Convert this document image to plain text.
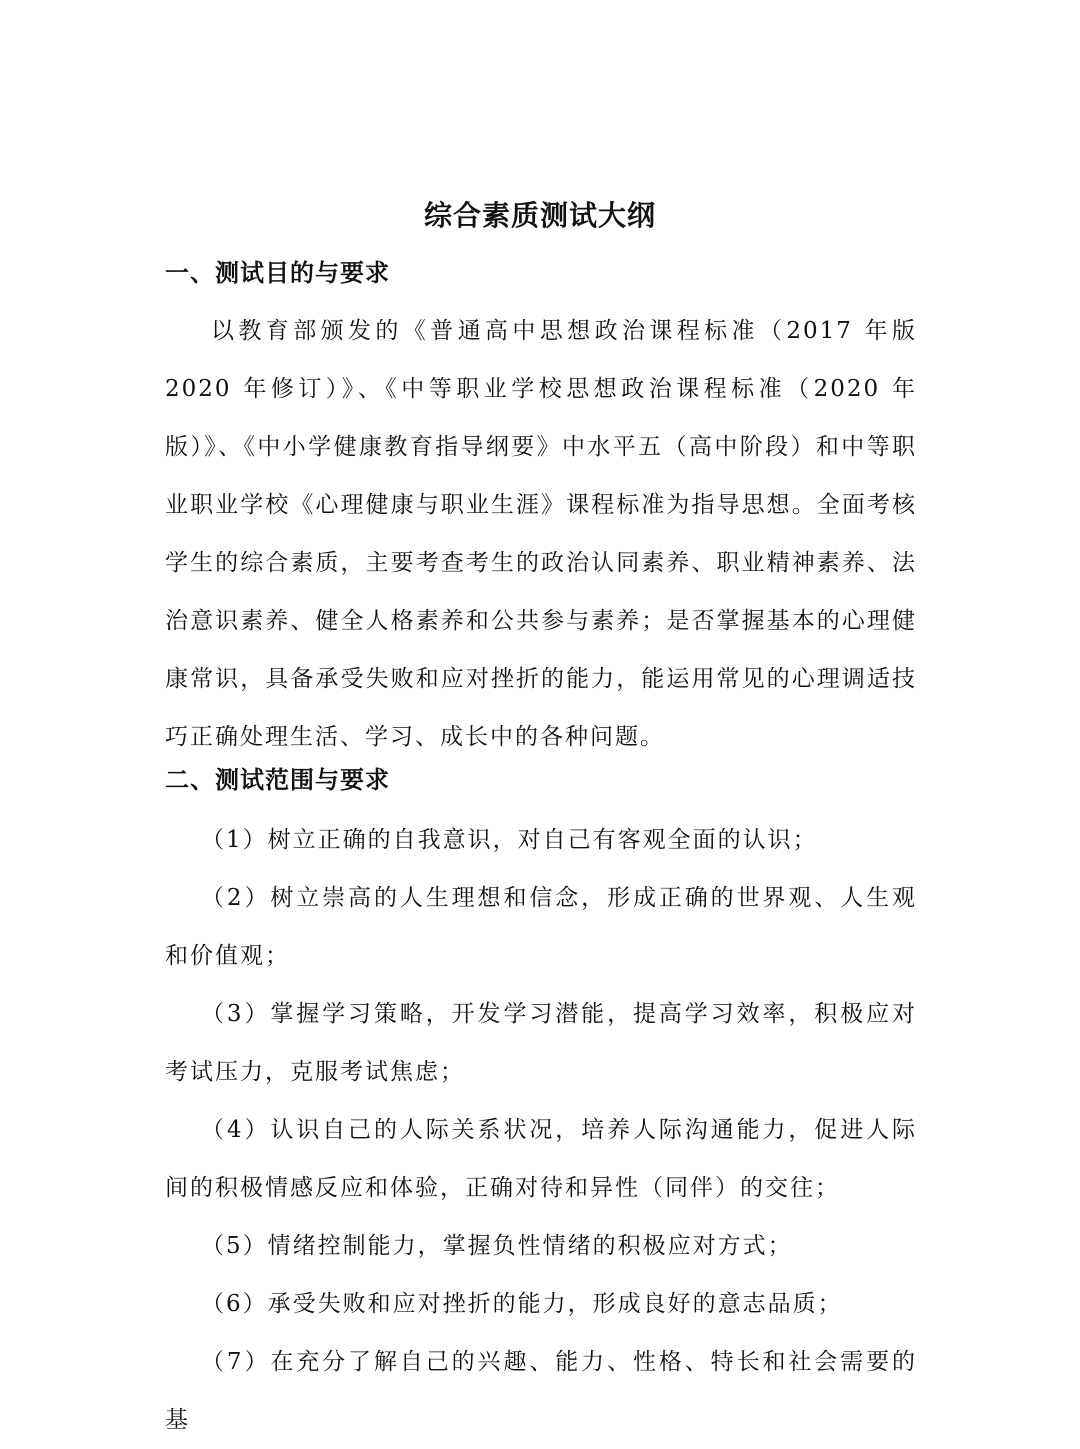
综合素质测试大纲
一、测试目的与要求

以教育部颁发的《普通高中思想政治课程标准（2017 年版 2020 年修订）》、《中等职业学校思想政治课程标准（2020 年版）》、《中小学健康教育指导纲要》中水平五（高中阶段）和中等职业职业学校《心理健康与职业生涯》课程标准为指导思想。全面考核学生的综合素质，主要考查考生的政治认同素养、职业精神素养、法治意识素养、健全人格素养和公共参与素养；是否掌握基本的心理健康常识，具备承受失败和应对挫折的能力，能运用常见的心理调适技巧正确处理生活、学习、成长中的各种问题。

二、测试范围与要求
（1）树立正确的自我意识，对自己有客观全面的认识；
（2）树立崇高的人生理想和信念，形成正确的世界观、人生观和价值观；
（3）掌握学习策略，开发学习潜能，提高学习效率，积极应对考试压力，克服考试焦虑；
（4）认识自己的人际关系状况，培养人际沟通能力，促进人际间的积极情感反应和体验，正确对待和异性（同伴）的交往；
（5）情绪控制能力，掌握负性情绪的积极应对方式；
（6）承受失败和应对挫折的能力，形成良好的意志品质；
（7）在充分了解自己的兴趣、能力、性格、特长和社会需要的基
